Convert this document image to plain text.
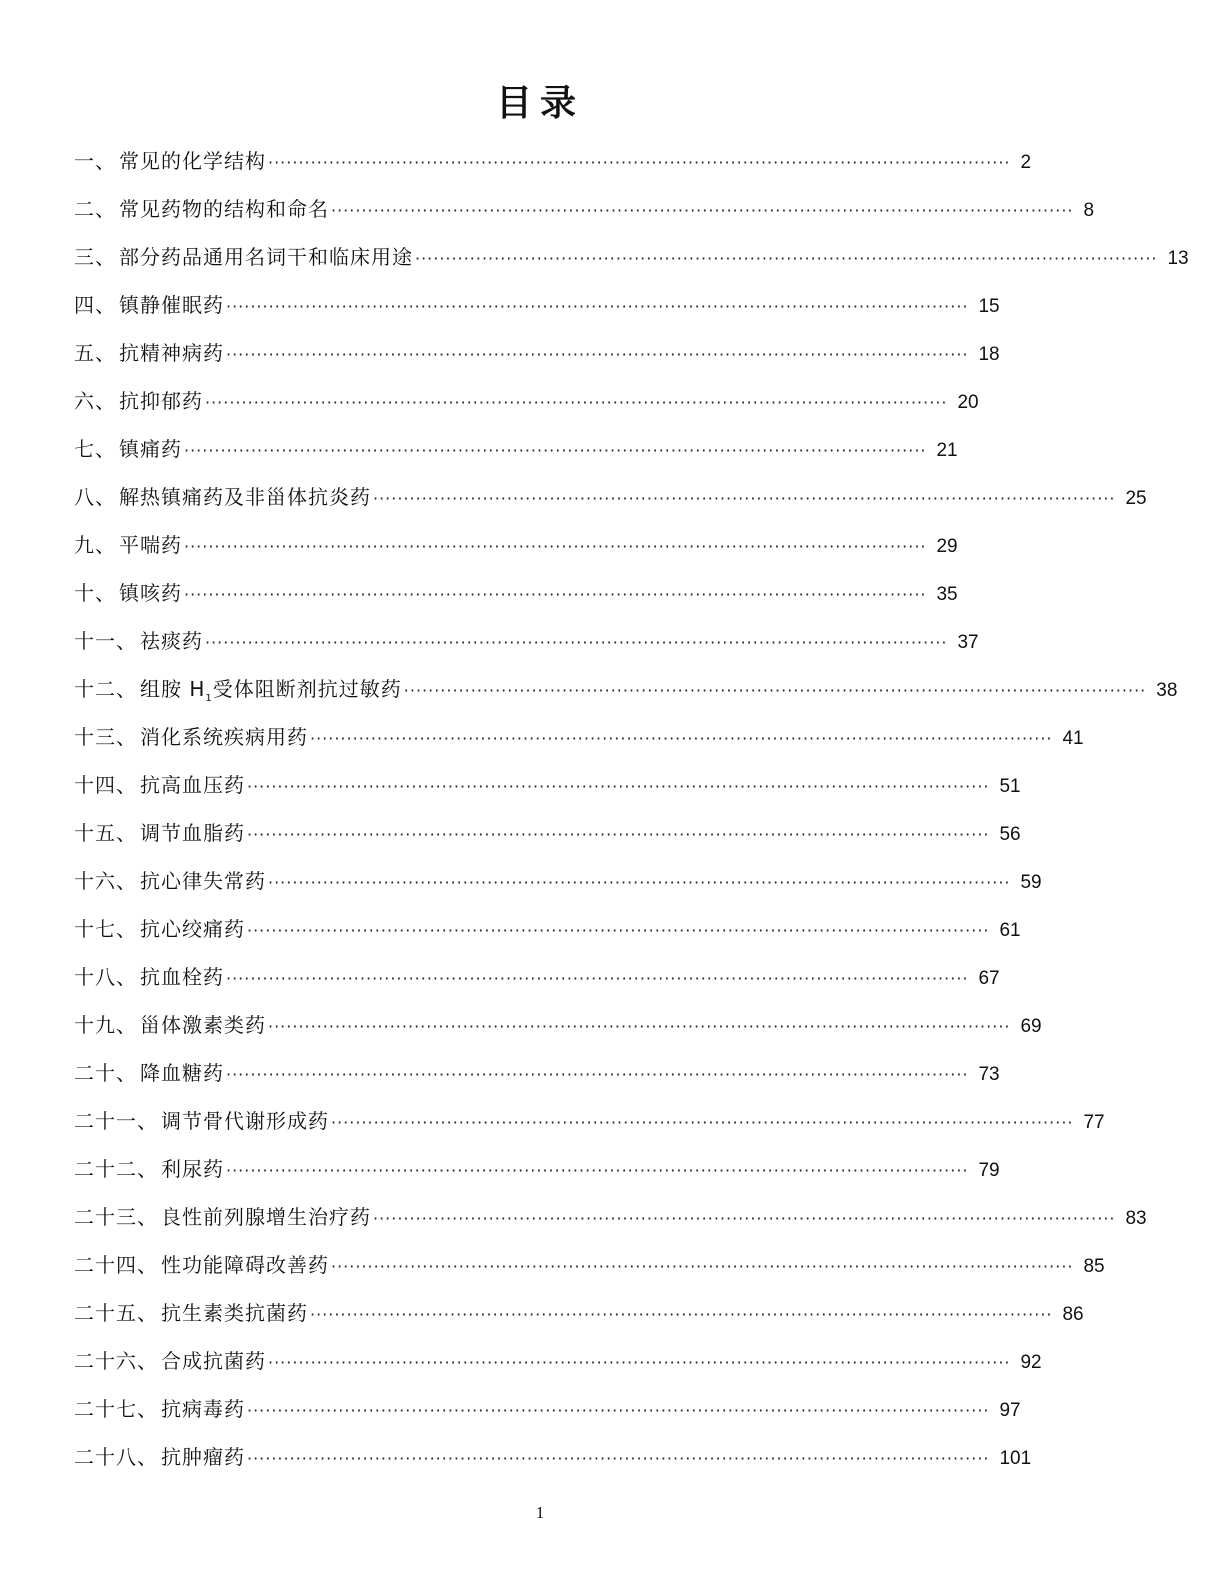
目录
一 、 常见的化学结构 ·························································································································· 2
二 、 常见药物的结构和命名 ·························································································································· 8
三 、 部分药品通用名词干和临床用途 ·························································································································· 13
四 、 镇静催眠药 ·························································································································· 15
五 、 抗精神病药 ·························································································································· 18
六 、 抗抑郁药 ·························································································································· 20
七 、 镇痛药 ·························································································································· 21
八 、 解热镇痛药及非甾体抗炎药 ·························································································································· 25
九 、 平喘药 ·························································································································· 29
十 、 镇咳药 ·························································································································· 35
十一 、 祛痰药 ·························································································································· 37
十二 、 组胺 $H_1$受体阻断剂抗过敏药 ·························································································································· 38
十三 、 消化系统疾病用药 ·························································································································· 41
十四 、 抗高血压药 ·························································································································· 51
十五 、 调节血脂药 ·························································································································· 56
十六 、 抗心律失常药 ·························································································································· 59
十七 、 抗心绞痛药 ·························································································································· 61
十八 、 抗血栓药 ·························································································································· 67
十九 、 甾体激素类药 ·························································································································· 69
二十 、 降血糖药 ·························································································································· 73
二十一 、 调节骨代谢形成药 ·························································································································· 77
二十二 、 利尿药 ·························································································································· 79
二十三 、 良性前列腺增生治疗药 ·························································································································· 83
二十四 、 性功能障碍改善药 ·························································································································· 85
二十五 、 抗生素类抗菌药 ·························································································································· 86
二十六 、 合成抗菌药 ·························································································································· 92
二十七 、 抗病毒药 ·························································································································· 97
二十八 、 抗肿瘤药 ·························································································································· 101
1
